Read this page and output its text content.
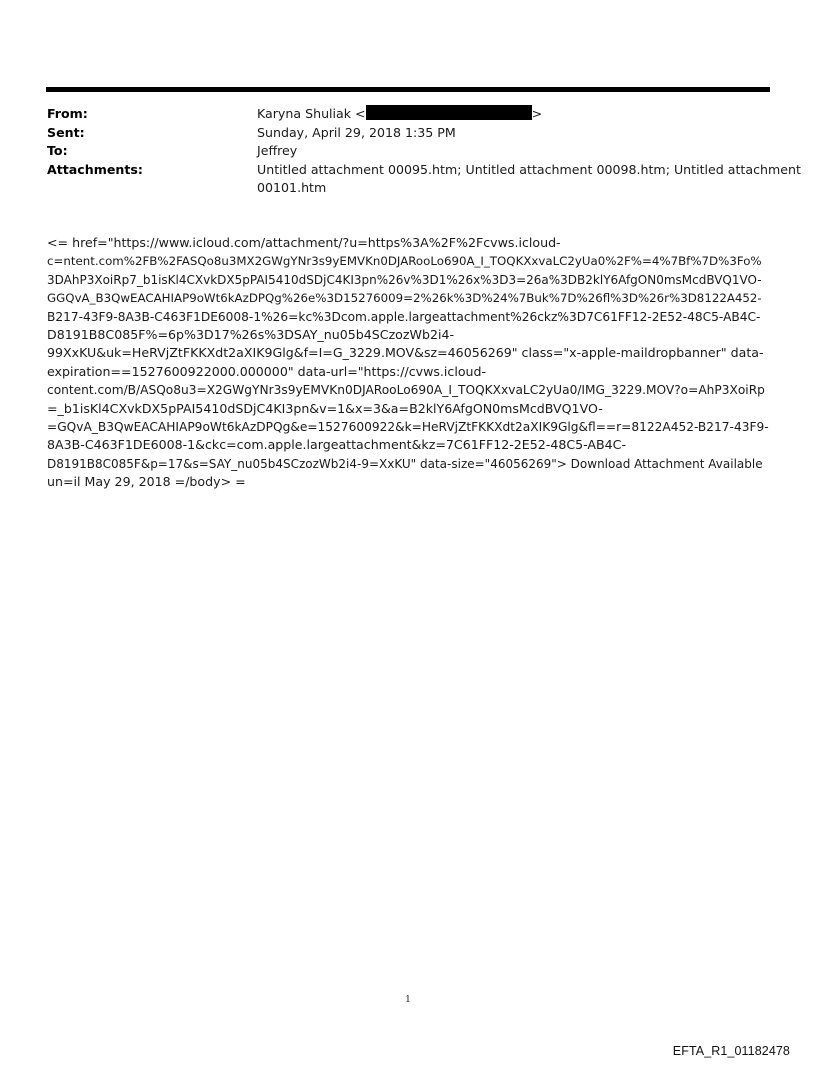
From:	Karyna Shuliak <	>
Sent:	Sunday, April 29, 2018 1:35 PM
To:	Jeffrey
Attachments:	Untitled attachment 00095.htm; Untitled attachment 00098.htm; Untitled attachment
00101.htm
<= href="https://www.icloud.com/attachment/?u=https%3A%2F%2Fcvws.icloud-
c=ntent.com%2FB%2FASQo8u3MX2GWgYNr3s9yEMVKn0DJARooLo690A_I_TOQKXxvaLC2yUa0%2F%=4%7Bf%7D%3Fo%
3DAhP3XoiRp7_b1isKl4CXvkDX5pPAI5410dSDjC4KI3pn%26v%3D1%26x%3D3=26a%3DB2klY6AfgON0msMcdBVQ1VO-
GGQvA_B3QwEACAHIAP9oWt6kAzDPQg%26e%3D15276009=2%26k%3D%24%7Buk%7D%26fl%3D%26r%3D8122A452-
B217-43F9-8A3B-C463F1DE6008-1%26=kc%3Dcom.apple.largeattachment%26ckz%3D7C61FF12-2E52-48C5-AB4C-
D8191B8C085F%=6p%3D17%26s%3DSAY_nu05b4SCzozWb2i4-
99XxKU&uk=HeRVjZtFKKXdt2aXIK9Glg&f=I=G_3229.MOV&sz=46056269" class="x-apple-maildropbanner" data-
expiration==1527600922000.000000" data-url="https://cvws.icloud-
content.com/B/ASQo8u3=X2GWgYNr3s9yEMVKn0DJARooLo690A_I_TOQKXxvaLC2yUa0/IMG_3229.MOV?o=AhP3XoiRp
=_b1isKl4CXvkDX5pPAI5410dSDjC4KI3pn&v=1&x=3&a=B2klY6AfgON0msMcdBVQ1VO-
=GQvA_B3QwEACAHIAP9oWt6kAzDPQg&e=1527600922&k=HeRVjZtFKKXdt2aXIK9Glg&fl==r=8122A452-B217-43F9-
8A3B-C463F1DE6008-1&ckc=com.apple.largeattachment&kz=7C61FF12-2E52-48C5-AB4C-
D8191B8C085F&p=17&s=SAY_nu05b4SCzozWb2i4-9=XxKU" data-size="46056269"> Download Attachment Available
un=il May 29, 2018 =/body> =
1
EFTA_R1_01182478
